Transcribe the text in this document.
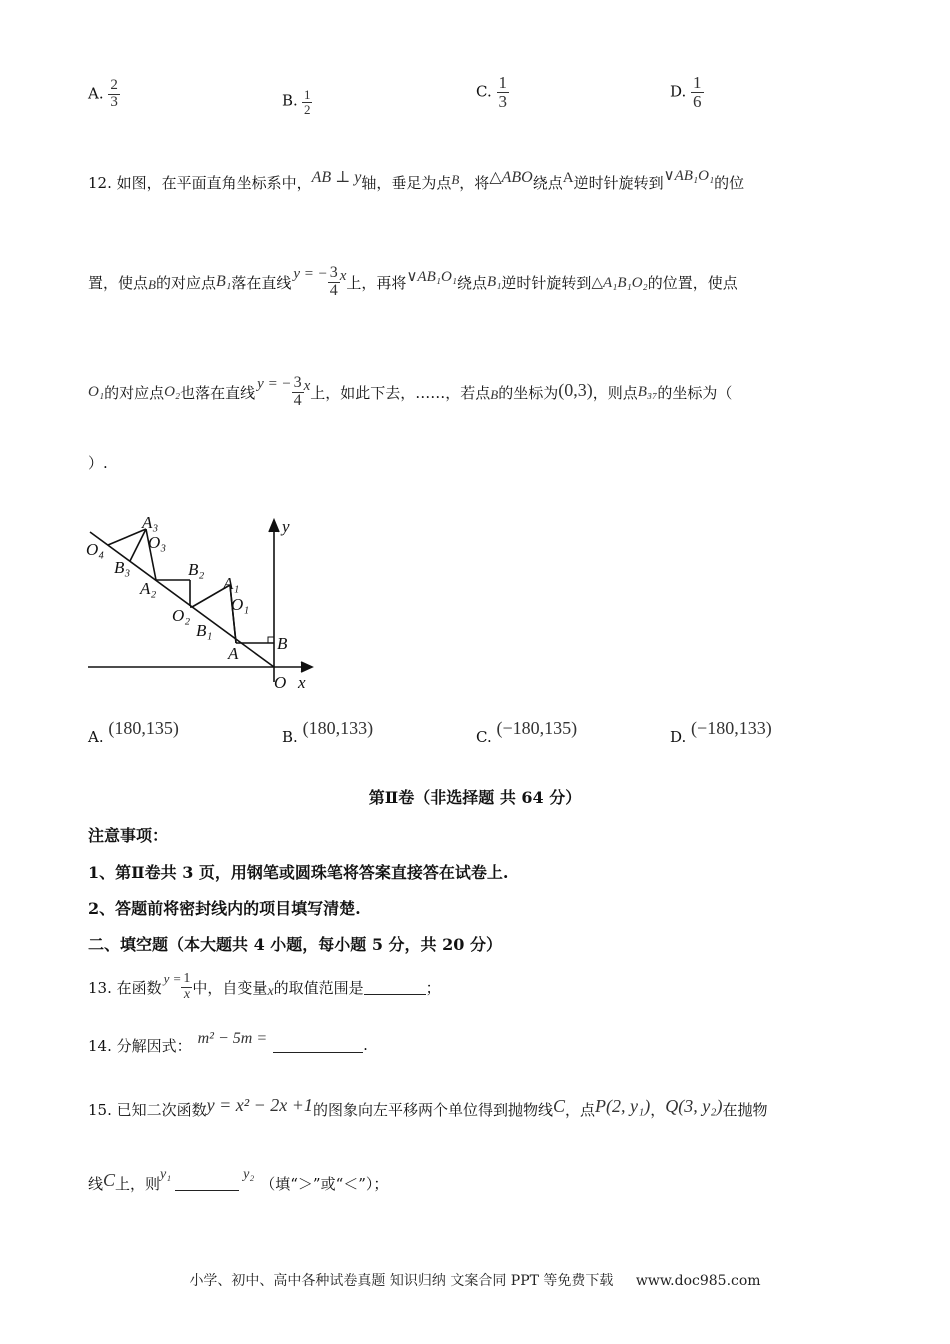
A. $\frac{2}{3}$	B. $\frac{1}{2}$	C. $\frac{1}{3}$	D. $\frac{1}{6}$
12. 如图，在平面直角坐标系中，AB ⊥ y轴，垂足为点B，将△ABO绕点A逆时针旋转到∨AB₁O₁的位
置，使点 B 的对应点 B₁ 落在直线 y = − $\frac{3}{4}$ x 上，再将 ∨AB₁O₁ 绕点 B₁ 逆时针旋转到 △A₁B₁O₂ 的位置，使点
O₁ 的对应点 O₂ 也落在直线 y = − $\frac{3}{4}$ x 上，如此下去，……，若点 B 的坐标为 (0,3) ，则点 B₃₇ 的坐标为（
）.
y
x
O
A
B
A₁
O₁
B₁
O₂
A₂
B₂
A₃
O₃
B₃
O₄
A. (180,135)	B. (180,133)	C. (−180,135)	D. (−180,133)
第Ⅱ卷（非选择题 共 64 分）
注意事项：
1、第Ⅱ卷共 3 页，用钢笔或圆珠笔将答案直接答在试卷上.
2、答题前将密封线内的项目填写清楚.
二、填空题（本大题共 4 小题，每小题 5 分，共 20 分）
13. 在函数 $y = \frac{1}{x}$ 中，自变量 x 的取值范围是	；
14. 分解因式： m² − 5m =	.
15. 已知二次函数 y = x² − 2x +1 的图象向左平移两个单位得到抛物线 C ，点 P(2, y₁) ， Q(3, y₂) 在抛物
线 C 上，则 y₁	y₂ （填“＞”或“＜”）；
小学、初中、高中各种试卷真题 知识归纳 文案合同 PPT 等免费下载 www.doc985.com
